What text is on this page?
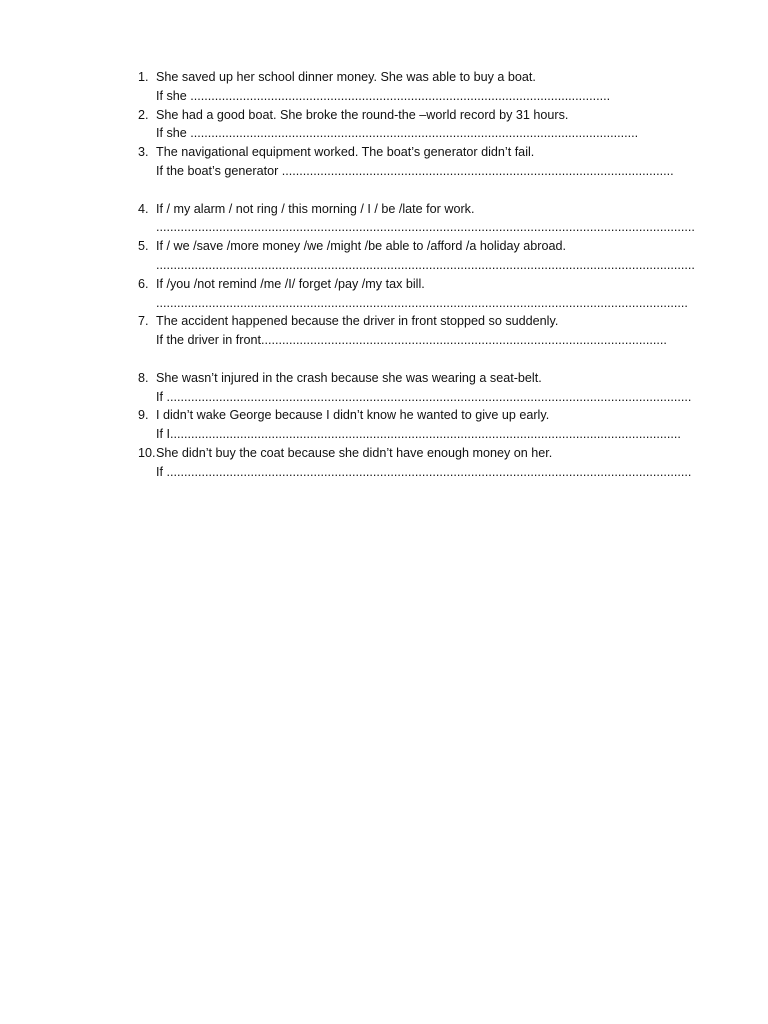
1. She saved up her school dinner money. She was able to buy a boat.
If she ........................................................................................................................
2. She had a good boat. She broke the round-the –world record by 31 hours.
If she ................................................................................................................................
3. The navigational equipment worked. The boat’s generator didn’t fail.
If the boat’s generator ................................................................................................................
4. If / my alarm / not ring / this morning / I / be /late for work.
..........................................................................................................................................................
5. If / we /save /more money /we /might /be able to /afford /a holiday abroad.
..........................................................................................................................................................
6. If /you /not remind /me /I/ forget /pay /my tax bill.
........................................................................................................................................................
7. The accident happened because the driver in front stopped so suddenly.
If the driver in front....................................................................................................................
8. She wasn’t injured in the crash because she was wearing a seat-belt.
If ......................................................................................................................................................
9. I didn’t wake George because I didn’t know he wanted to give up early.
If I..................................................................................................................................................
10. She didn’t buy the coat because she didn’t have enough money on her.
If ......................................................................................................................................................
